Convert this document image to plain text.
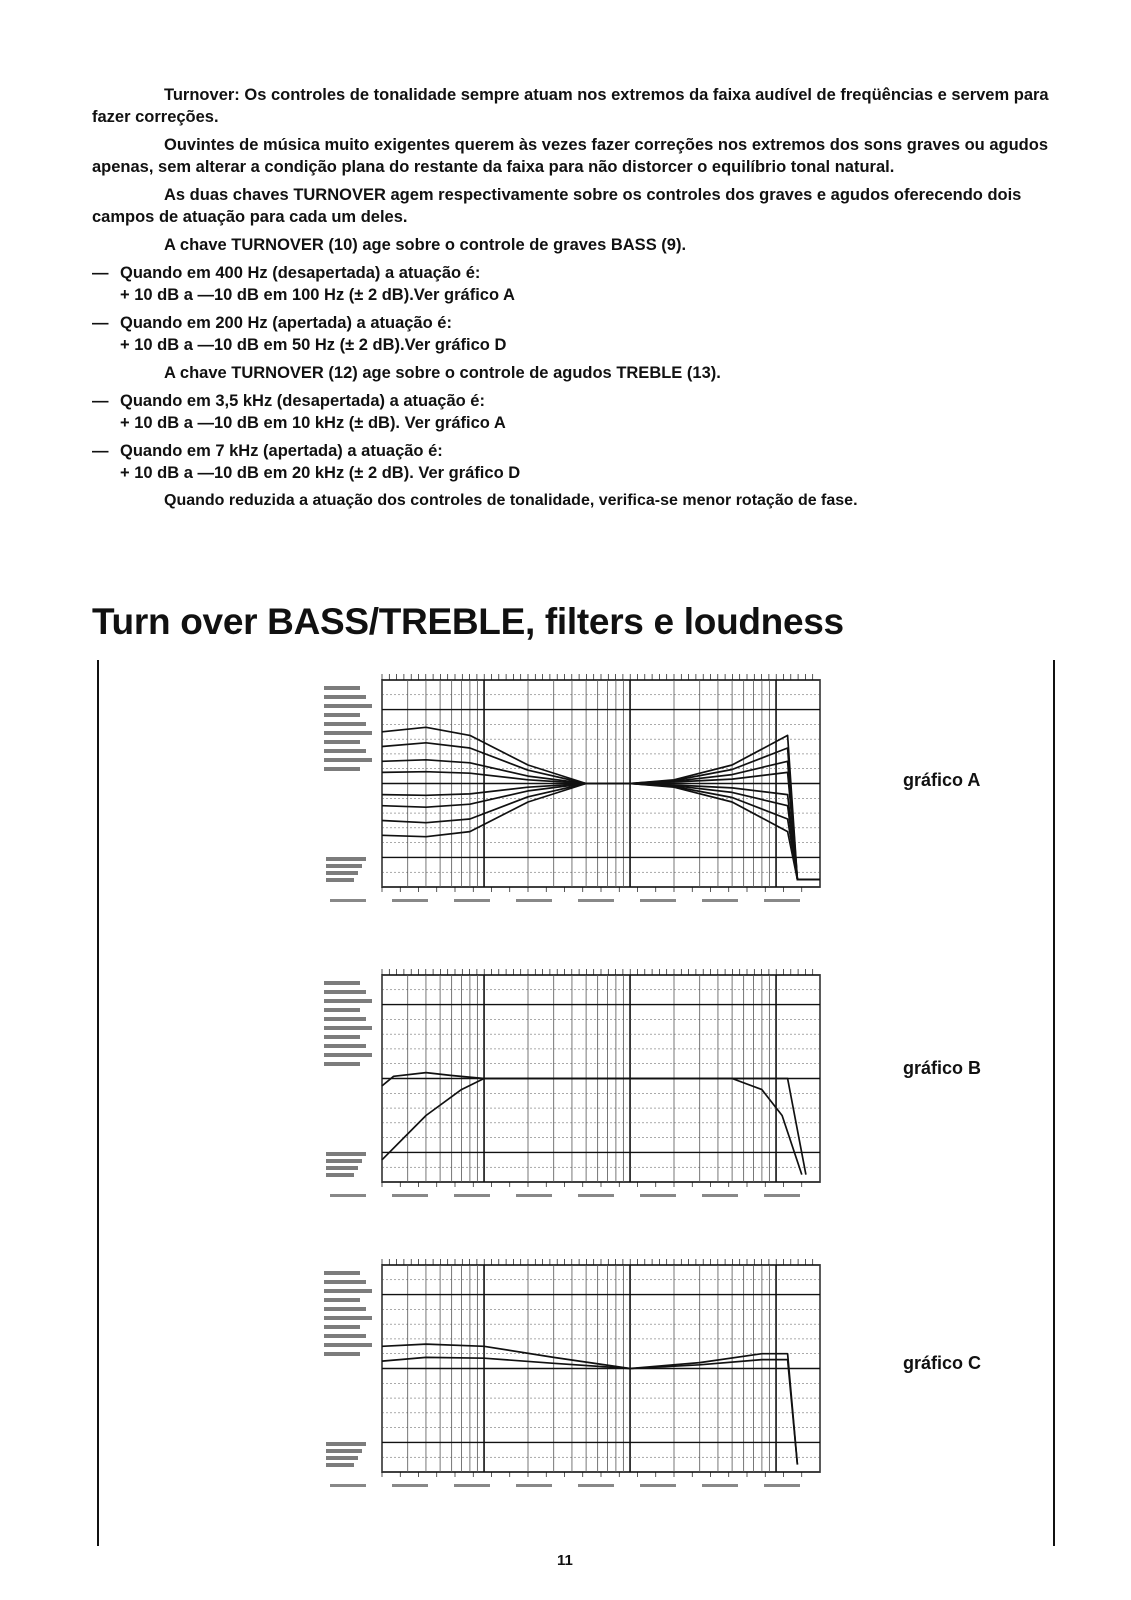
Turnover: Os controles de tonalidade sempre atuam nos extremos da faixa audível de freqüências e servem para fazer correções.

Ouvintes de música muito exigentes querem às vezes fazer correções nos extremos dos sons graves ou agudos apenas, sem alterar a condição plana do restante da faixa para não distorcer o equilíbrio tonal natural.

As duas chaves TURNOVER agem respectivamente sobre os controles dos graves e agudos oferecendo dois campos de atuação para cada um deles.

A chave TURNOVER (10) age sobre o controle de graves BASS (9).

— Quando em 400 Hz (desapertada) a atuação é:
+ 10 dB a —10 dB em 100 Hz (± 2 dB).Ver gráfico A
— Quando em 200 Hz (apertada) a atuação é:
+ 10 dB a —10 dB em 50 Hz (± 2 dB).Ver gráfico D

A chave TURNOVER (12) age sobre o controle de agudos TREBLE (13).

— Quando em 3,5 kHz (desapertada) a atuação é:
+ 10 dB a —10 dB em 10 kHz (± dB). Ver gráfico A
— Quando em 7 kHz (apertada) a atuação é:
+ 10 dB a —10 dB em 20 kHz (± 2 dB). Ver gráfico D

Quando reduzida a atuação dos controles de tonalidade, verifica-se menor rotação de fase.

Turn over BASS/TREBLE, filters e loudness
gráfico A
gráfico B
gráfico C
11
